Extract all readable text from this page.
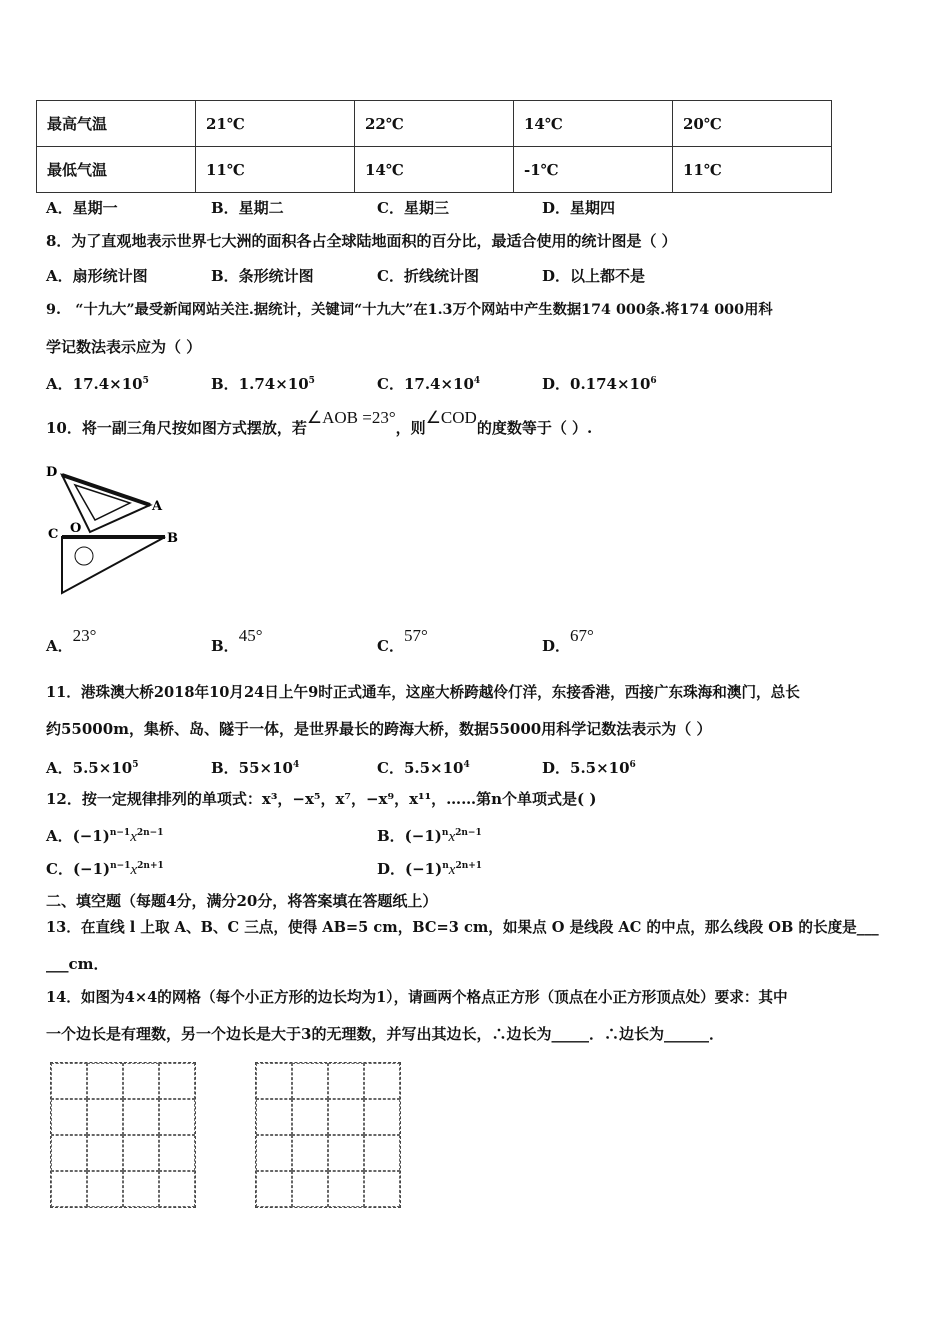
最高气温	21℃	22℃	14℃	20℃
最低气温	11℃	14℃	-1℃	11℃
A．星期一	B．星期二	C．星期三	D．星期四
8．为了直观地表示世界七大洲的面积各占全球陆地面积的百分比，最适合使用的统计图是（ ）
A．扇形统计图	B．条形统计图	C．折线统计图	D．以上都不是
9.　“十九大”最受新闻网站关注.据统计，关键词“十九大”在1.3万个网站中产生数据174 000条.将174 000用科
学记数法表示应为（ ）
A．$17.4\times 10^5$	B．$1.74\times 10^5$	C．$17.4\times 10^4$	D．$0.174\times 10^6$
10．将一副三角尺按如图方式摆放，若∠AOB =23°，则∠COD的度数等于（ ）.
D
A
C O
B
A．23°
B．45°
C．57°
D．67°
11．港珠澳大桥2018年10月24日上午9时正式通车，这座大桥跨越伶仃洋，东接香港，西接广东珠海和澳门，总长
约55000m，集桥、岛、隧于一体，是世界最长的跨海大桥，数据55000用科学记数法表示为（ ）
A．$5.5\times 10^5$	B．$55\times 10^4$	C．$5.5\times 10^4$	D．$5.5\times 10^6$
12．按一定规律排列的单项式：x³，−x⁵，x⁷，−x⁹，x¹¹，……第n个单项式是( )
A．$(-1)^{n-1}x^{2n-1}$	B．$(-1)^nx^{2n-1}$
C．$(-1)^{n-1}x^{2n+1}$	D．$(-1)^nx^{2n+1}$
二、填空题（每题4分，满分20分，将答案填在答题纸上）
13．在直线 l 上取 A、B、C 三点，使得 AB=5 cm，BC=3 cm，如果点 O 是线段 AC 的中点，那么线段 OB 的长度是___
___cm．
14．如图为4×4的网格（每个小正方形的边长均为1），请画两个格点正方形（顶点在小正方形顶点处）要求：其中
一个边长是有理数，另一个边长是大于3的无理数，并写出其边长，∴边长为_____．∴边长为______．
